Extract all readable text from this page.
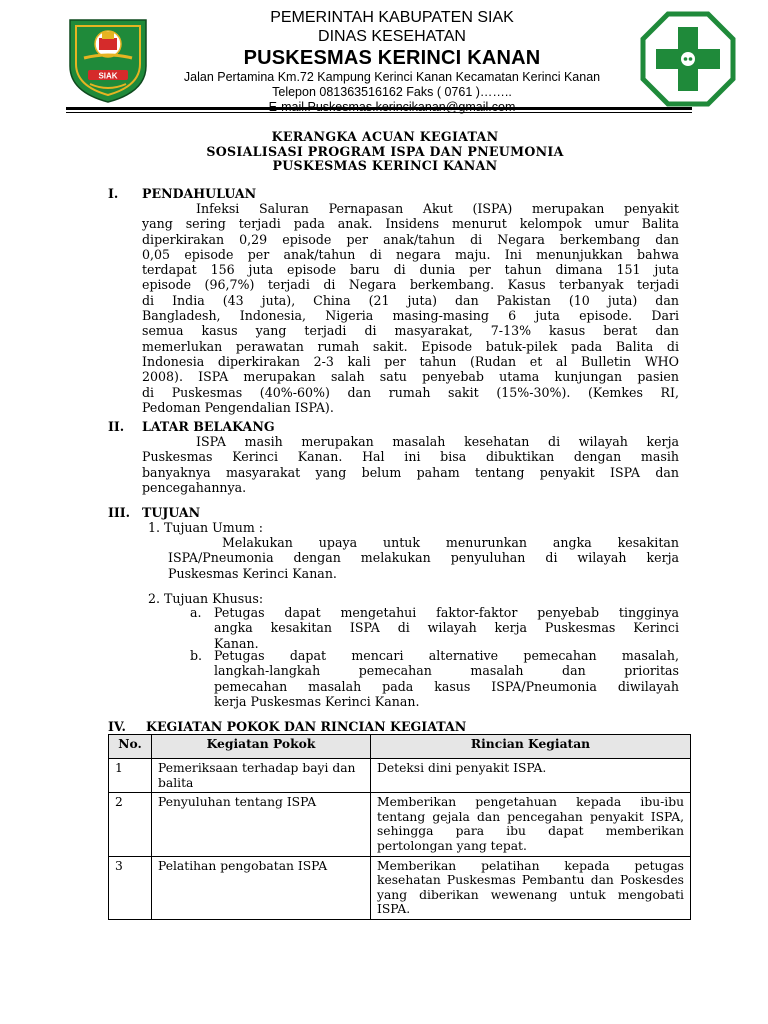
SIAK
PEMERINTAH KABUPATEN SIAK
DINAS KESEHATAN
PUSKESMAS KERINCI KANAN
Jalan Pertamina Km.72 Kampung Kerinci Kanan Kecamatan Kerinci Kanan
Telepon 081363516162 Faks ( 0761 )……..
E-mail.Puskesmas.kerincikanan@gmail.com
KERANGKA ACUAN KEGIATAN
SOSIALISASI PROGRAM ISPA DAN PNEUMONIA
PUSKESMAS KERINCI KANAN
I. PENDAHULUAN
Infeksi Saluran Pernapasan Akut (ISPA) merupakan penyakit
yang sering terjadi pada anak. Insidens menurut kelompok umur Balita
diperkirakan 0,29 episode per anak/tahun di Negara berkembang dan
0,05 episode per anak/tahun di negara maju. Ini menunjukkan bahwa
terdapat 156 juta episode baru di dunia per tahun dimana 151 juta
episode (96,7%) terjadi di Negara berkembang. Kasus terbanyak terjadi
di India (43 juta), China (21 juta) dan Pakistan (10 juta) dan
Bangladesh, Indonesia, Nigeria masing-masing 6 juta episode. Dari
semua kasus yang terjadi di masyarakat, 7-13% kasus berat dan
memerlukan perawatan rumah sakit. Episode batuk-pilek pada Balita di
Indonesia diperkirakan 2-3 kali per tahun (Rudan et al Bulletin WHO
2008). ISPA merupakan salah satu penyebab utama kunjungan pasien
di Puskesmas (40%-60%) dan rumah sakit (15%-30%). (Kemkes RI,
Pedoman Pengendalian ISPA).
II. LATAR BELAKANG
ISPA masih merupakan masalah kesehatan di wilayah kerja
Puskesmas Kerinci Kanan. Hal ini bisa dibuktikan dengan masih
banyaknya masyarakat yang belum paham tentang penyakit ISPA dan
pencegahannya.
III. TUJUAN
1. Tujuan Umum :
Melakukan upaya untuk menurunkan angka kesakitan
ISPA/Pneumonia dengan melakukan penyuluhan di wilayah kerja
Puskesmas Kerinci Kanan.
2. Tujuan Khusus:
a. Petugas dapat mengetahui faktor-faktor penyebab tingginya
angka kesakitan ISPA di wilayah kerja Puskesmas Kerinci
Kanan.
b. Petugas dapat mencari alternative pemecahan masalah,
langkah-langkah pemecahan masalah dan prioritas
pemecahan masalah pada kasus ISPA/Pneumonia diwilayah
kerja Puskesmas Kerinci Kanan.
IV. KEGIATAN POKOK DAN RINCIAN KEGIATAN
No.	Kegiatan Pokok	Rincian Kegiatan
1	Pemeriksaan terhadap bayi dan balita	Deteksi dini penyakit ISPA.
2	Penyuluhan tentang ISPA	Memberikan pengetahuan kepada ibu-ibu tentang gejala dan pencegahan penyakit ISPA, sehingga para ibu dapat memberikan pertolongan yang tepat.
3	Pelatihan pengobatan ISPA	Memberikan pelatihan kepada petugas kesehatan Puskesmas Pembantu dan Poskesdes yang diberikan wewenang untuk mengobati ISPA.
